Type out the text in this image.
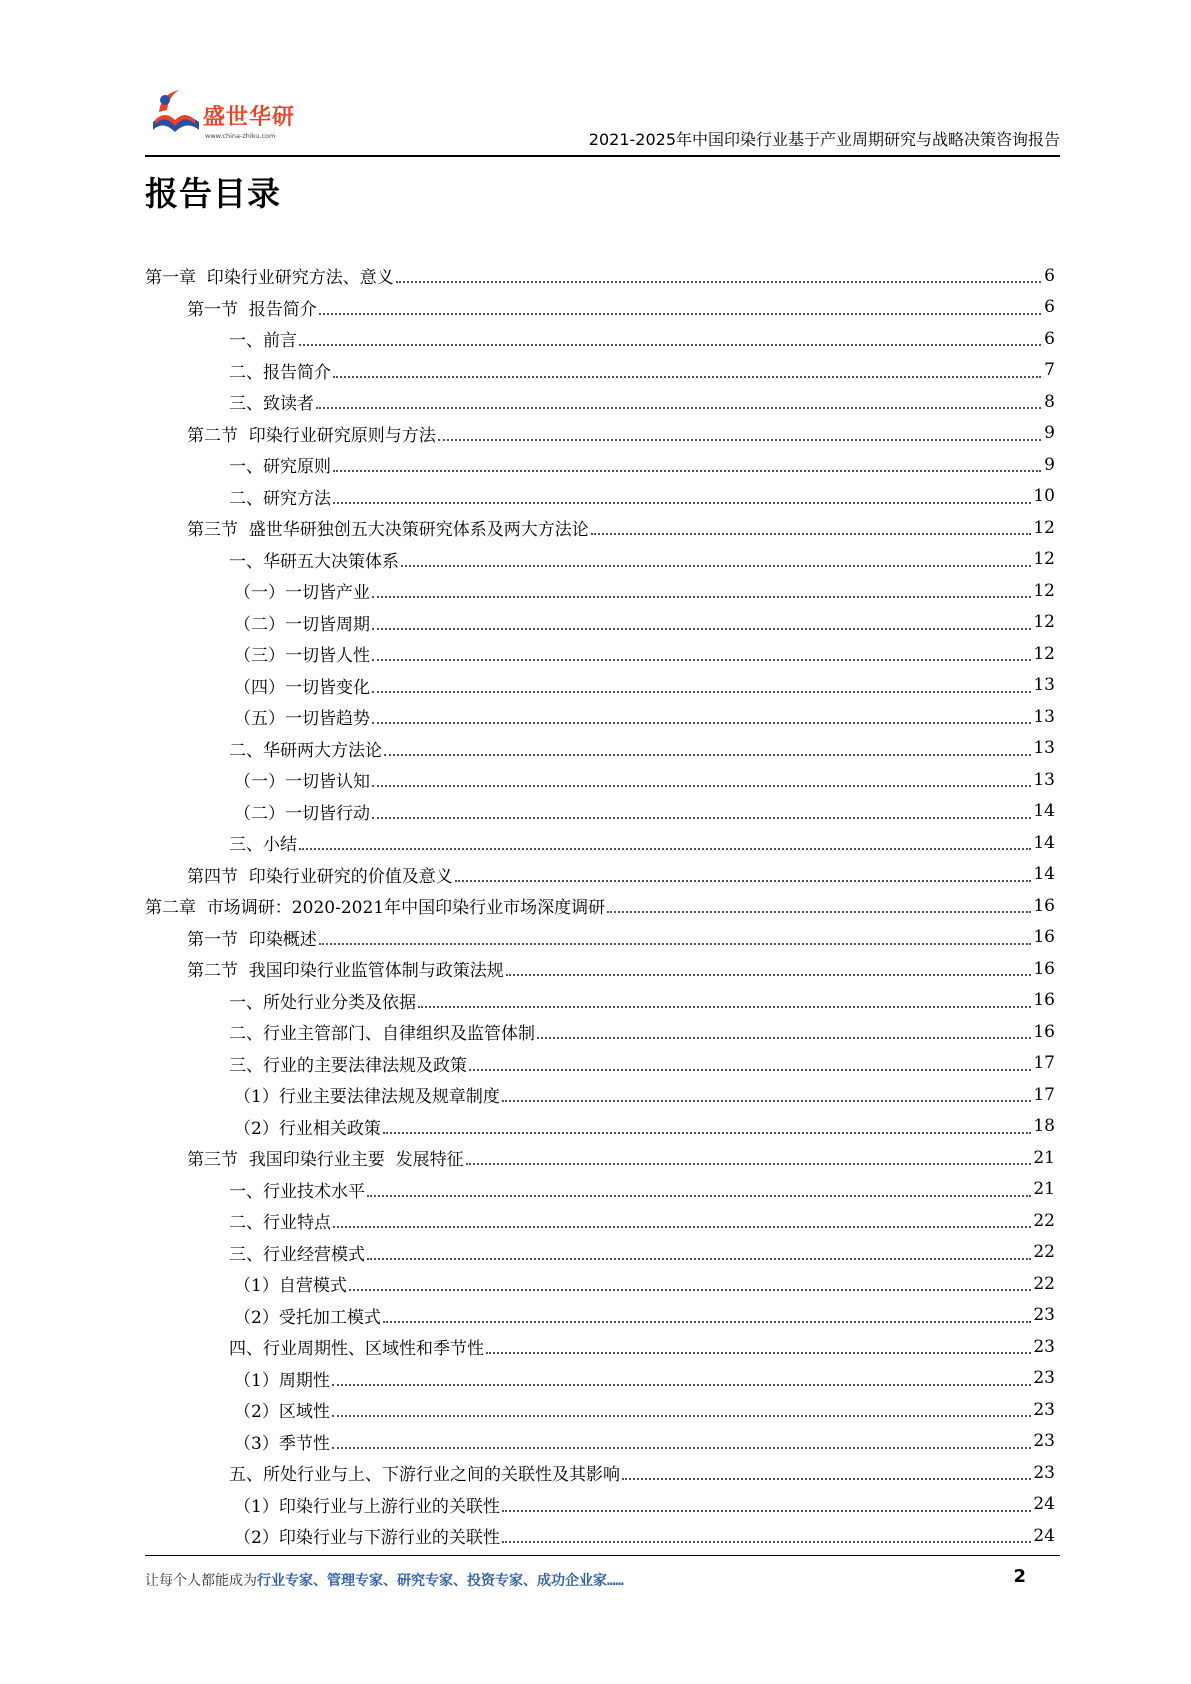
盛世华研
www.china-zhiku.com	2021-2025年中国印染行业基于产业周期研究与战略决策咨询报告
报告目录
第一章  印染行业研究方法、意义	6
第一节  报告简介	6
一、前言	6
二、报告简介	7
三、致读者	8
第二节  印染行业研究原则与方法	9
一、研究原则	9
二、研究方法	10
第三节  盛世华研独创五大决策研究体系及两大方法论	12
一、华研五大决策体系	12
（一）一切皆产业	12
（二）一切皆周期	12
（三）一切皆人性	12
（四）一切皆变化	13
（五）一切皆趋势	13
二、华研两大方法论	13
（一）一切皆认知	13
（二）一切皆行动	14
三、小结	14
第四节  印染行业研究的价值及意义	14
第二章  市场调研：2020-2021年中国印染行业市场深度调研	16
第一节  印染概述	16
第二节  我国印染行业监管体制与政策法规	16
一、所处行业分类及依据	16
二、行业主管部门、自律组织及监管体制	16
三、行业的主要法律法规及政策	17
（1）行业主要法律法规及规章制度	17
（2）行业相关政策	18
第三节  我国印染行业主要  发展特征	21
一、行业技术水平	21
二、行业特点	22
三、行业经营模式	22
（1）自营模式	22
（2）受托加工模式	23
四、行业周期性、区域性和季节性	23
（1）周期性	23
（2）区域性	23
（3）季节性	23
五、所处行业与上、下游行业之间的关联性及其影响	23
（1）印染行业与上游行业的关联性	24
（2）印染行业与下游行业的关联性	24
让每个人都能成为行业专家、管理专家、研究专家、投资专家、成功企业家……	2
